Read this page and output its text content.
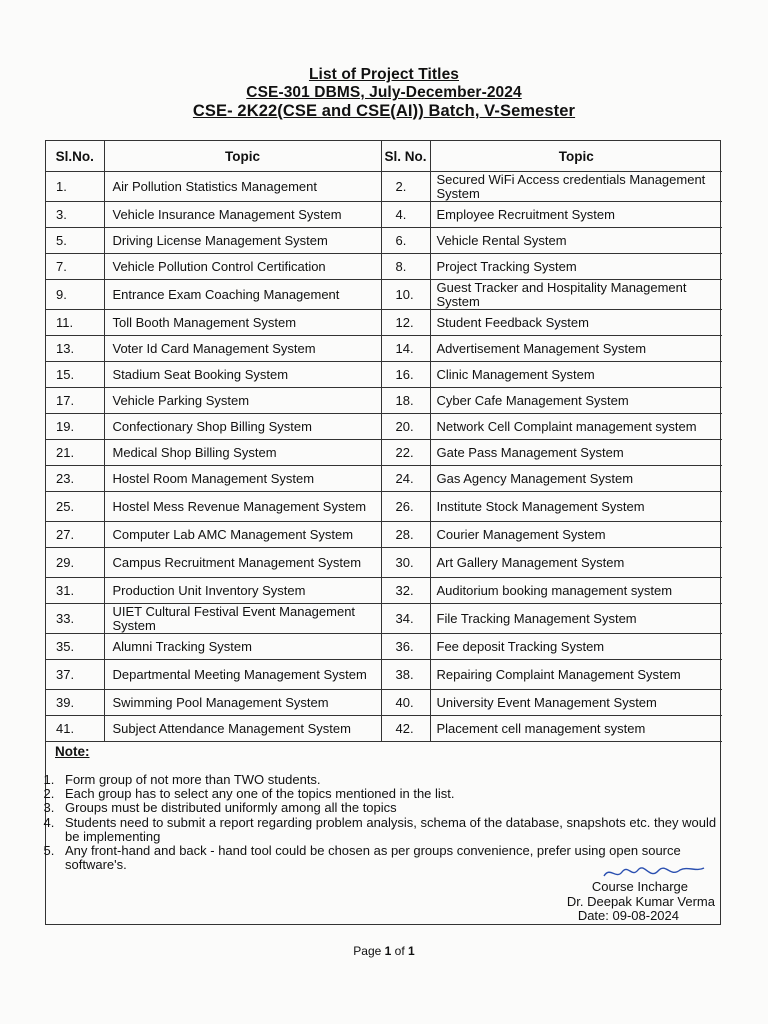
List of Project Titles
CSE-301 DBMS, July-December-2024
CSE- 2K22(CSE and CSE(AI)) Batch, V-Semester
Sl.No.	Topic	Sl. No.	Topic
1.	Air Pollution Statistics Management	2.	Secured WiFi Access credentials Management System
3.	Vehicle Insurance Management System	4.	Employee Recruitment System
5.	Driving License Management System	6.	Vehicle Rental System
7.	Vehicle Pollution Control Certification	8.	Project Tracking System
9.	Entrance Exam Coaching Management	10.	Guest Tracker and Hospitality Management System
11.	Toll Booth Management System	12.	Student Feedback System
13.	Voter Id Card Management System	14.	Advertisement Management System
15.	Stadium Seat Booking System	16.	Clinic Management System
17.	Vehicle Parking System	18.	Cyber Cafe Management System
19.	Confectionary Shop Billing System	20.	Network Cell Complaint management system
21.	Medical Shop Billing System	22.	Gate Pass Management System
23.	Hostel Room Management System	24.	Gas Agency Management System
25.	Hostel Mess Revenue Management System	26.	Institute Stock Management System
27.	Computer Lab AMC Management System	28.	Courier Management System
29.	Campus Recruitment Management System	30.	Art Gallery Management System
31.	Production Unit Inventory System	32.	Auditorium booking management system
33.	UIET Cultural Festival Event Management System	34.	File Tracking Management System
35.	Alumni Tracking System	36.	Fee deposit Tracking System
37.	Departmental Meeting Management System	38.	Repairing Complaint Management System
39.	Swimming Pool Management System	40.	University Event Management System
41.	Subject Attendance Management System	42.	Placement cell management system
Note:
1. Form group of not more than TWO students.
2. Each group has to select any one of the topics mentioned in the list.
3. Groups must be distributed uniformly among all the topics
4. Students need to submit a report regarding problem analysis, schema of the database, snapshots etc. they would be implementing
5. Any front-hand and back - hand tool could be chosen as per groups convenience, prefer using open source software's.
Course Incharge
Dr. Deepak Kumar Verma
Date: 09-08-2024
Page 1 of 1
